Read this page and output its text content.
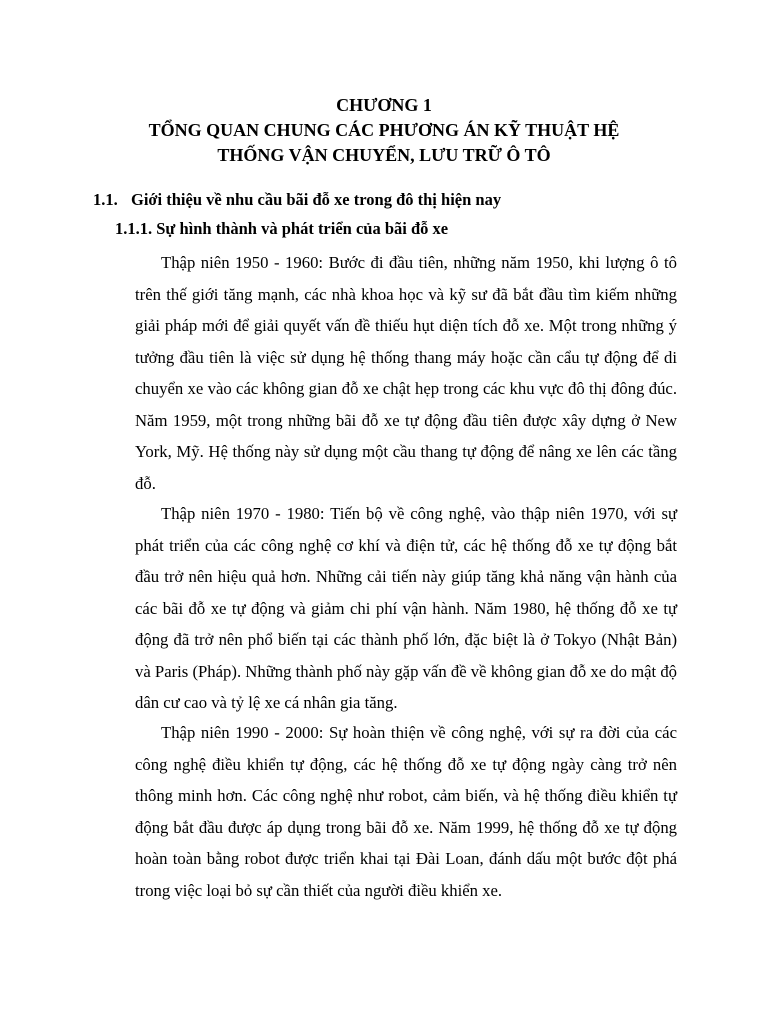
CHƯƠNG 1
TỔNG QUAN CHUNG CÁC PHƯƠNG ÁN KỸ THUẬT HỆ
THỐNG VẬN CHUYỂN, LƯU TRỮ Ô TÔ
1.1. Giới thiệu về nhu cầu bãi đỗ xe trong đô thị hiện nay
1.1.1. Sự hình thành và phát triển của bãi đỗ xe

Thập niên 1950 - 1960: Bước đi đầu tiên, những năm 1950, khi lượng ô tô trên thế giới tăng mạnh, các nhà khoa học và kỹ sư đã bắt đầu tìm kiếm những giải pháp mới để giải quyết vấn đề thiếu hụt diện tích đỗ xe. Một trong những ý tưởng đầu tiên là việc sử dụng hệ thống thang máy hoặc cần cẩu tự động để di chuyển xe vào các không gian đỗ xe chật hẹp trong các khu vực đô thị đông đúc. Năm 1959, một trong những bãi đỗ xe tự động đầu tiên được xây dựng ở New York, Mỹ. Hệ thống này sử dụng một cầu thang tự động để nâng xe lên các tầng đỗ.

Thập niên 1970 - 1980: Tiến bộ về công nghệ, vào thập niên 1970, với sự phát triển của các công nghệ cơ khí và điện tử, các hệ thống đỗ xe tự động bắt đầu trở nên hiệu quả hơn. Những cải tiến này giúp tăng khả năng vận hành của các bãi đỗ xe tự động và giảm chi phí vận hành. Năm 1980, hệ thống đỗ xe tự động đã trở nên phổ biến tại các thành phố lớn, đặc biệt là ở Tokyo (Nhật Bản) và Paris (Pháp). Những thành phố này gặp vấn đề về không gian đỗ xe do mật độ dân cư cao và tỷ lệ xe cá nhân gia tăng.

Thập niên 1990 - 2000: Sự hoàn thiện về công nghệ, với sự ra đời của các công nghệ điều khiển tự động, các hệ thống đỗ xe tự động ngày càng trở nên thông minh hơn. Các công nghệ như robot, cảm biến, và hệ thống điều khiển tự động bắt đầu được áp dụng trong bãi đỗ xe. Năm 1999, hệ thống đỗ xe tự động hoàn toàn bằng robot được triển khai tại Đài Loan, đánh dấu một bước đột phá trong việc loại bỏ sự cần thiết của người điều khiển xe.
